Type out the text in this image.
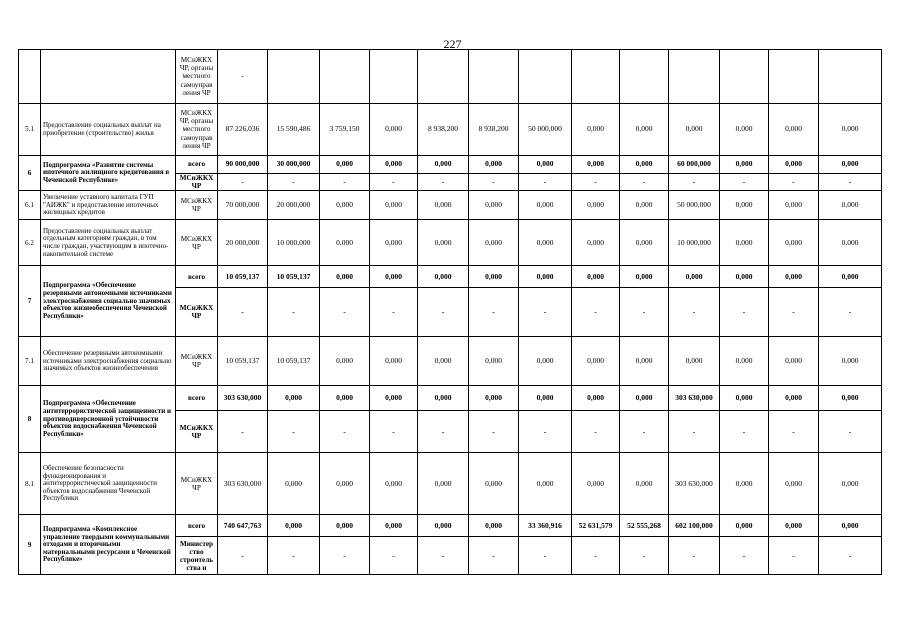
227
		МСиЖКХ ЧР, органы местного самоуправ ления ЧР	-												
5.1	Предоставление социальных выплат на приобретение (строительство) жилья	МСиЖКХ ЧР, органы местного самоуправ ления ЧР	87 226,036	15 590,486	3 759,150	0,000	8 938,200	8 938,200	50 000,000	0,000	0,000	0,000	0,000	0,000	0,000
6	Подпрограмма «Развитие системы ипотечного жилищного кредитования в Чеченской Республике»	всего	90 000,000	30 000,000	0,000	0,000	0,000	0,000	0,000	0,000	0,000	60 000,000	0,000	0,000	0,000
		МСиЖКХ ЧР	-	-	-	-	-	-	-	-	-	-	-	-	-
6.1	Увеличение уставного капитала ГУП "АИЖК" и предоставление ипотечных жилищных кредитов	МСиЖКХ ЧР	70 000,000	20 000,000	0,000	0,000	0,000	0,000	0,000	0,000	0,000	50 000,000	0,000	0,000	0,000
6.2	Предоставление социальных выплат отдельным категориям граждан, в том числе граждан, участвующим в ипотечно-накопительной системе	МСиЖКХ ЧР	20 000,000	10 000,000	0,000	0,000	0,000	0,000	0,000	0,000	0,000	10 000,000	0,000	0,000	0,000
7	Подпрограмма «Обеспечение резервными автономными источниками электроснабжения социально значимых объектов жизнеобеспечения Чеченской Республики»	всего	10 059,137	10 059,137	0,000	0,000	0,000	0,000	0,000	0,000	0,000	0,000	0,000	0,000	0,000
		МСиЖКХ ЧР	-	-	-	-	-	-	-	-	-	-	-	-	-
7.1	Обеспечение резервными автономными источниками электроснабжения социально значимых объектов жизнеобеспечения	МСиЖКХ ЧР	10 059,137	10 059,137	0,000	0,000	0,000	0,000	0,000	0,000	0,000	0,000	0,000	0,000	0,000
8	Подпрограмма «Обеспечение антитеррористической защищенности и противодиверсионной устойчивости объектов водоснабжения Чеченской Республики»	всего	303 630,000	0,000	0,000	0,000	0,000	0,000	0,000	0,000	0,000	303 630,000	0,000	0,000	0,000
		МСиЖКХ ЧР	-	-	-	-	-	-	-	-	-	-	-	-	-
8.1	Обеспечение безопасности функционирования и антитеррористической защищенности объектов водоснабжения Чеченской Республики	МСиЖКХ ЧР	303 630,000	0,000	0,000	0,000	0,000	0,000	0,000	0,000	0,000	303 630,000	0,000	0,000	0,000
9	Подпрограмма «Комплексное управление твердыми коммунальными отходами и вторичными материальными ресурсами в Чеченской Республике»	всего	740 647,763	0,000	0,000	0,000	0,000	0,000	33 360,916	52 631,579	52 555,268	602 100,000	0,000	0,000	0,000
		Министер ство строитель ства и	-	-	-	-	-	-	-	-	-	-	-	-	-
